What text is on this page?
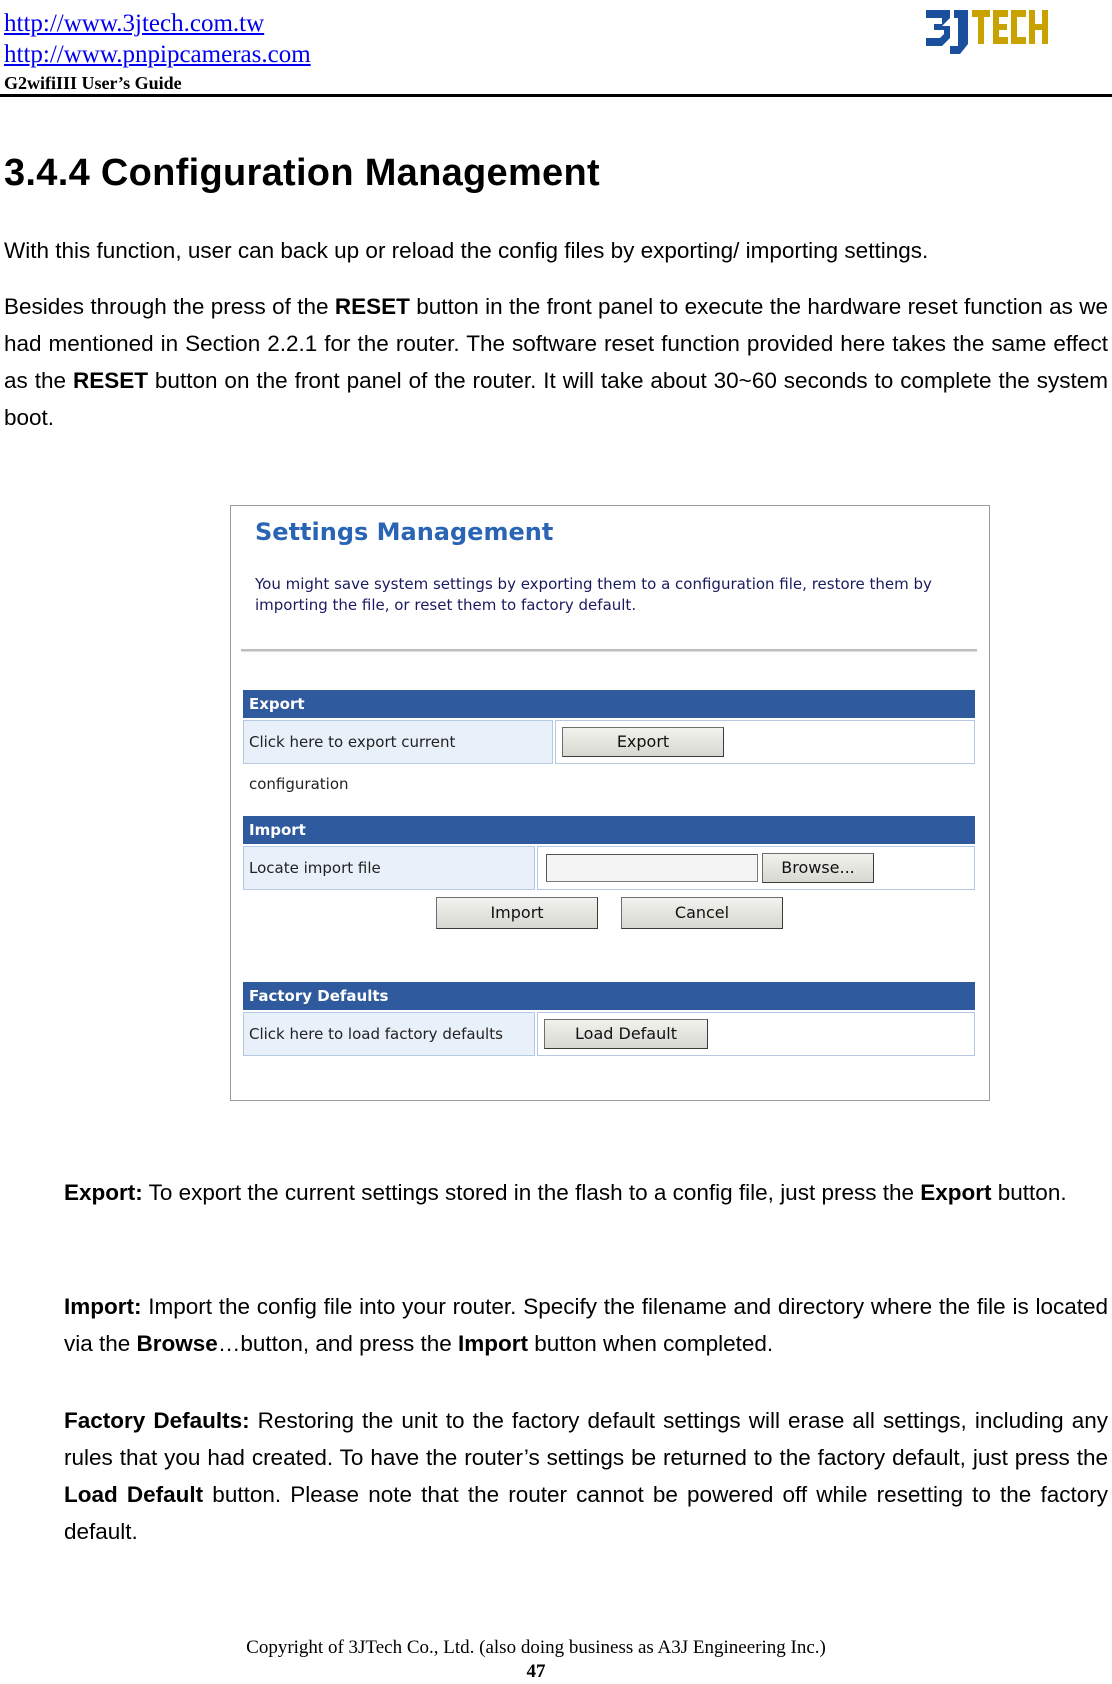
http://www.3jtech.com.tw
http://www.pnpipcameras.com
G2wifiIII User’s Guide
3.4.4 Configuration Management

With this function, user can back up or reload the config files by exporting/ importing settings.

Besides through the press of the RESET button in the front panel to execute the hardware reset function as we had mentioned in Section 2.2.1 for the router. The software reset function provided here takes the same effect as the RESET button on the front panel of the router. It will take about 30~60 seconds to complete the system boot.

Settings Management
You might save system settings by exporting them to a configuration file, restore them by importing the file, or reset them to factory default.
Export
Click here to export current configuration
Export
Import
Locate import file	Browse...
Import	Cancel
Factory Defaults
Click here to load factory defaults	Load Default

Export: To export the current settings stored in the flash to a config file, just press the Export button.

Import: Import the config file into your router. Specify the filename and directory where the file is located via the Browse…button, and press the Import button when completed.

Factory Defaults: Restoring the unit to the factory default settings will erase all settings, including any rules that you had created. To have the router’s settings be returned to the factory default, just press the Load Default button. Please note that the router cannot be powered off while resetting to the factory default.

Copyright of 3JTech Co., Ltd. (also doing business as A3J Engineering Inc.)
47
